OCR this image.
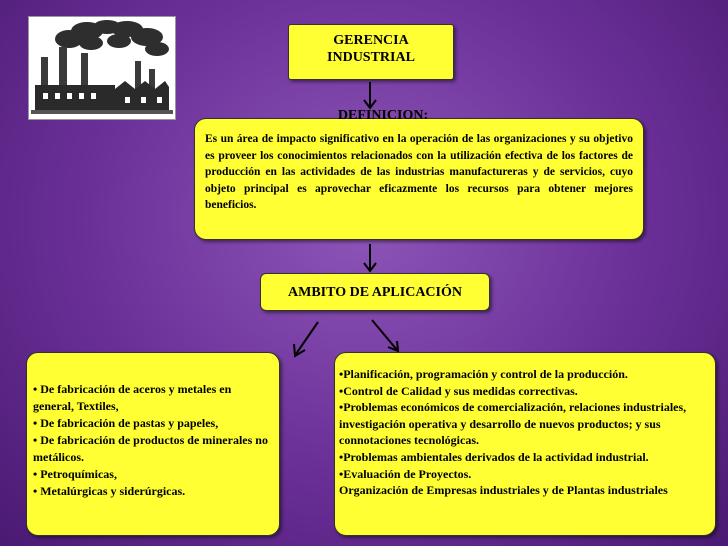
GERENCIA
INDUSTRIAL
Es un área de impacto significativo en la operación de las organizaciones y su objetivo es proveer los conocimientos relacionados con la utilización efectiva de los factores de producción en las actividades de las industrias manufactureras y de servicios, cuyo objeto principal es aprovechar eficazmente los recursos para obtener mejores beneficios.
DEFINICION:
AMBITO DE APLICACIÓN

• De fabricación de aceros y metales en general, Textiles,

• De fabricación de pastas y papeles,

• De fabricación de productos de minerales no metálicos.

• Petroquímicas,

• Metalúrgicas y siderúrgicas.

•Planificación, programación y control de la producción.

•Control de Calidad y sus medidas correctivas.

•Problemas económicos de comercialización, relaciones industriales, investigación operativa y desarrollo de nuevos productos; y sus connotaciones tecnológicas.

•Problemas ambientales derivados de la actividad industrial.

•Evaluación de Proyectos.

Organización de Empresas industriales y de Plantas industriales
